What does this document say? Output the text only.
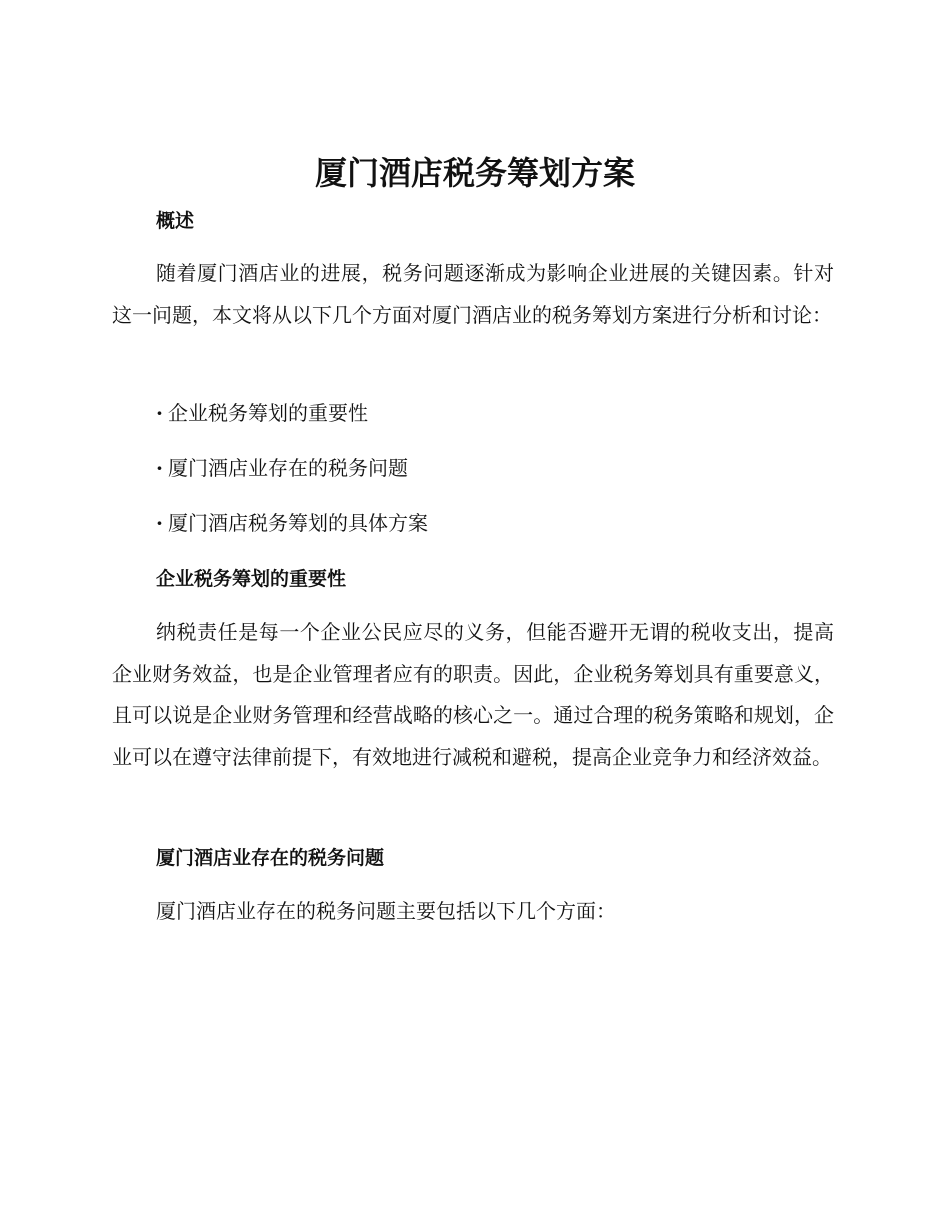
厦门酒店税务筹划方案
概述

随着厦门酒店业的进展，税务问题逐渐成为影响企业进展的关键因素。针对这一问题，本文将从以下几个方面对厦门酒店业的税务筹划方案进行分析和讨论：

· 企业税务筹划的重要性
· 厦门酒店业存在的税务问题
· 厦门酒店税务筹划的具体方案
企业税务筹划的重要性

纳税责任是每一个企业公民应尽的义务，但能否避开无谓的税收支出，提高企业财务效益，也是企业管理者应有的职责。因此，企业税务筹划具有重要意义，且可以说是企业财务管理和经营战略的核心之一。通过合理的税务策略和规划，企业可以在遵守法律前提下，有效地进行减税和避税，提高企业竞争力和经济效益。

厦门酒店业存在的税务问题

厦门酒店业存在的税务问题主要包括以下几个方面：
